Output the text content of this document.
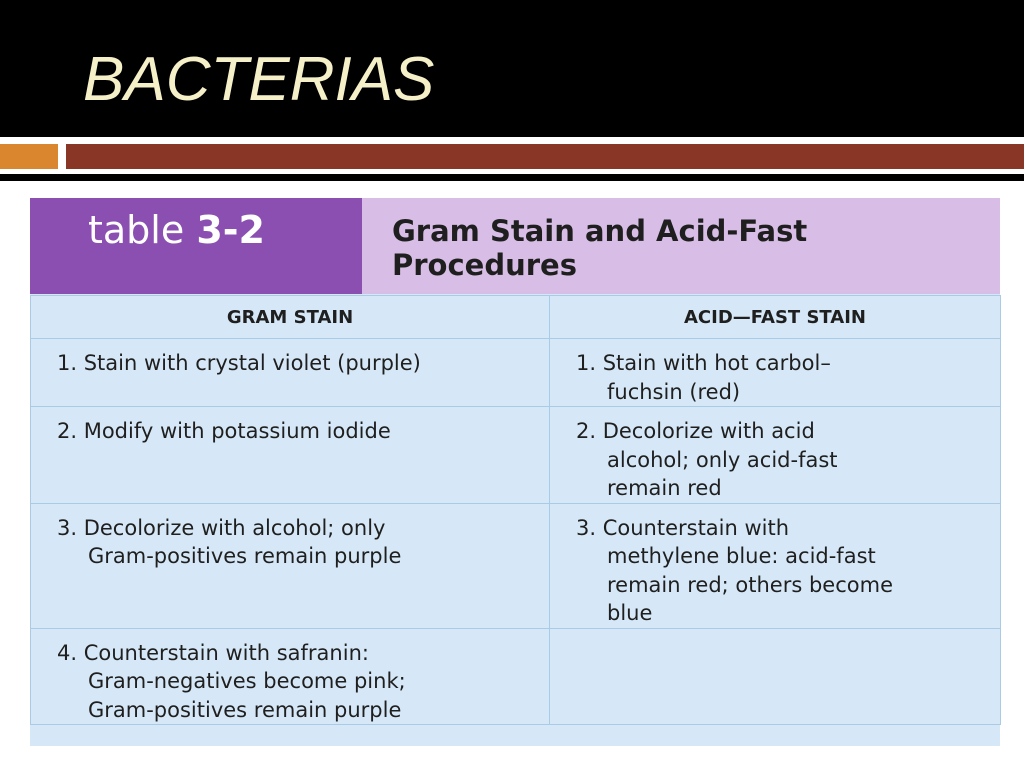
BACTERIAS
table 3-2	Gram Stain and Acid-Fast Procedures
GRAM STAIN	ACID—FAST STAIN

1. Stain with crystal violet (purple)	1. Stain with hot carbol–
fuchsin (red)

2. Modify with potassium iodide	2. Decolorize with acid
alcohol; only acid-fast
remain red

3. Decolorize with alcohol; only
Gram-positives remain purple	3. Counterstain with
methylene blue: acid-fast
remain red; others become
blue

4. Counterstain with safranin:
Gram-negatives become pink;
Gram-positives remain purple	
